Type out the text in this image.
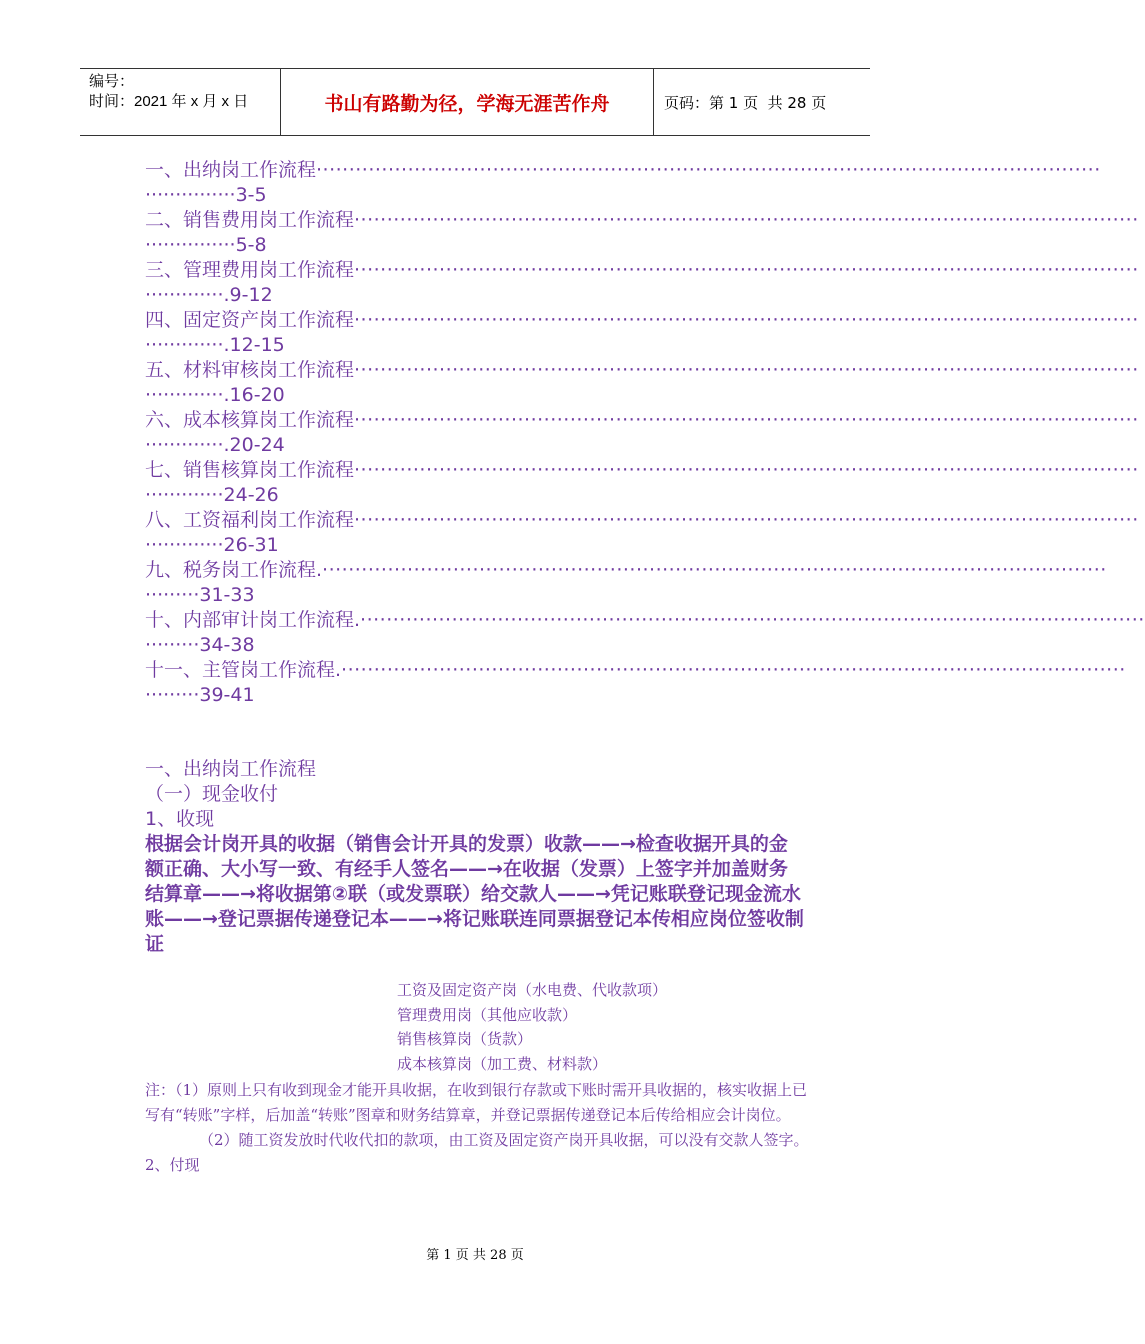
编号：
时间：2021 年 x 月 x 日	书山有路勤为径，学海无涯苦作舟	页码：第 1 页  共 28 页
一、出纳岗工作流程 ························································································································
···············3-5
二、销售费用岗工作流程 ························································································································
···············5-8
三、管理费用岗工作流程 ························································································································
·············.9-12
四、固定资产岗工作流程 ························································································································
·············.12-15
五、材料审核岗工作流程 ························································································································
·············.16-20
六、成本核算岗工作流程 ························································································································
·············.20-24
七、销售核算岗工作流程 ························································································································
·············24-26
八、工资福利岗工作流程 ························································································································
·············26-31
九、税务岗工作流程. ························································································································
·········31-33
十、内部审计岗工作流程. ························································································································
·········34-38
十一、主管岗工作流程. ························································································································
·········39-41
一、出纳岗工作流程
（一）现金收付
1、收现
根据会计岗开具的收据（销售会计开具的发票）收款——→检查收据开具的金额正确、大小写一致、有经手人签名——→在收据（发票）上签字并加盖财务结算章——→将收据第②联（或发票联）给交款人——→凭记账联登记现金流水账——→登记票据传递登记本——→将记账联连同票据登记本传相应岗位签收制证
工资及固定资产岗（水电费、代收款项）
管理费用岗（其他应收款）
销售核算岗（货款）
成本核算岗（加工费、材料款）

注：（1）原则上只有收到现金才能开具收据，在收到银行存款或下账时需开具收据的，核实收据上已写有“转账”字样，后加盖“转账”图章和财务结算章，并登记票据传递登记本后传给相应会计岗位。

（2）随工资发放时代收代扣的款项，由工资及固定资产岗开具收据，可以没有交款人签字。

2、付现

第 1 页 共 28 页
